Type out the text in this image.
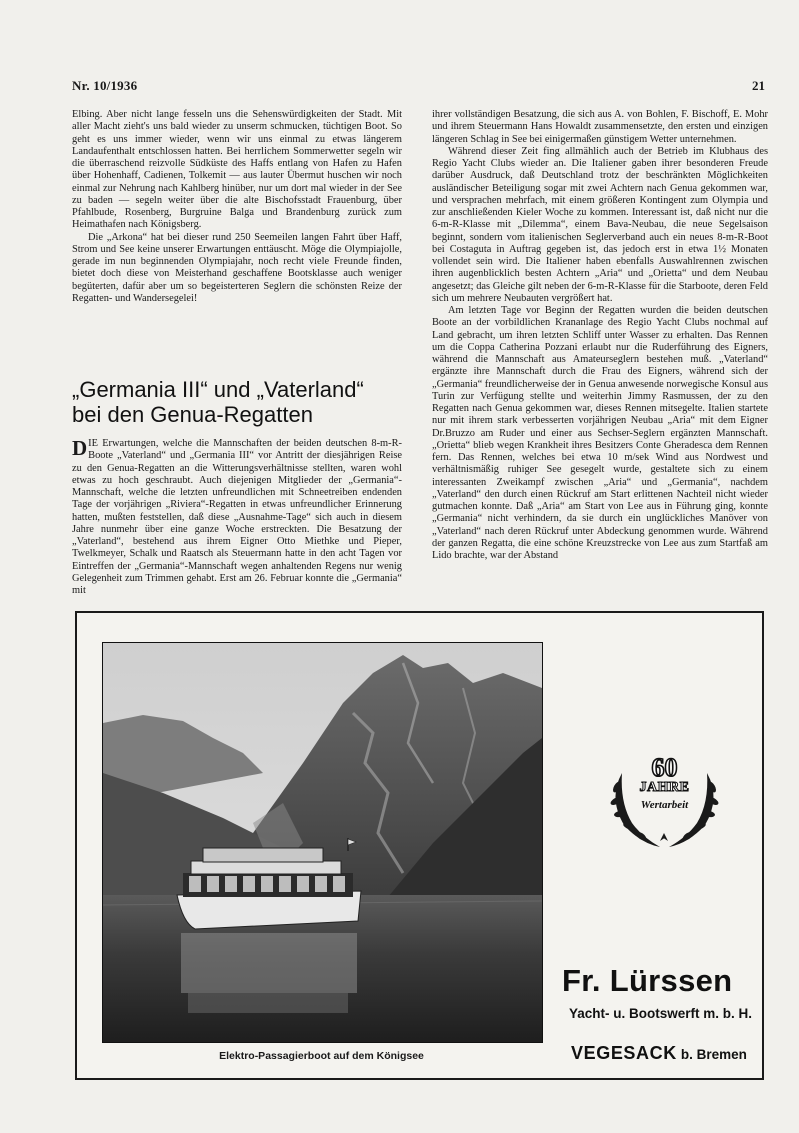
Nr. 10/1936	21

Elbing. Aber nicht lange fesseln uns die Sehenswürdigkeiten der Stadt. Mit aller Macht zieht's uns bald wieder zu unserm schmucken, tüchtigen Boot. So geht es uns immer wieder, wenn wir uns einmal zu etwas längerem Landaufenthalt entschlossen hatten. Bei herrlichem Sommerwetter segeln wir die überraschend reizvolle Südküste des Haffs entlang von Hafen zu Hafen über Hohenhaff, Cadienen, Tolkemit — aus lauter Übermut huschen wir noch einmal zur Nehrung nach Kahlberg hinüber, nur um dort mal wieder in der See zu baden — segeln weiter über die alte Bischofsstadt Frauenburg, über Pfahlbude, Rosenberg, Burgruine Balga und Brandenburg zurück zum Heimathafen nach Königsberg.

Die „Arkona“ hat bei dieser rund 250 Seemeilen langen Fahrt über Haff, Strom und See keine unserer Erwartungen enttäuscht. Möge die Olympiajolle, gerade im nun beginnenden Olympiajahr, noch recht viele Freunde finden, bietet doch diese von Meisterhand geschaffene Bootsklasse auch weniger begüterten, dafür aber um so begeisterteren Seglern die schönsten Reize der Regatten- und Wandersegelei!

„Germania III“ und „Vaterland“
bei den Genua-Regatten

DIE Erwartungen, welche die Mannschaften der beiden deutschen 8-m-R-Boote „Vaterland“ und „Germania III“ vor Antritt der diesjährigen Reise zu den Genua-Regatten an die Witterungsverhältnisse stellten, waren wohl etwas zu hoch geschraubt. Auch diejenigen Mitglieder der „Germania“-Mannschaft, welche die letzten unfreundlichen mit Schneetreiben endenden Tage der vorjährigen „Riviera“-Regatten in etwas unfreundlicher Erinnerung hatten, mußten feststellen, daß diese „Ausnahme-Tage“ sich auch in diesem Jahre nunmehr über eine ganze Woche erstreckten. Die Besatzung der „Vaterland“, bestehend aus ihrem Eigner Otto Miethke und Pieper, Twelkmeyer, Schalk und Raatsch als Steuermann hatte in den acht Tagen vor Eintreffen der „Germania“-Mannschaft wegen anhaltenden Regens nur wenig Gelegenheit zum Trimmen gehabt. Erst am 26. Februar konnte die „Germania“ mit

ihrer vollständigen Besatzung, die sich aus A. von Bohlen, F. Bischoff, E. Mohr und ihrem Steuermann Hans Howaldt zusammensetzte, den ersten und einzigen längeren Schlag in See bei einigermaßen günstigem Wetter unternehmen.

Während dieser Zeit fing allmählich auch der Betrieb im Klubhaus des Regio Yacht Clubs wieder an. Die Italiener gaben ihrer besonderen Freude darüber Ausdruck, daß Deutschland trotz der beschränkten Möglichkeiten ausländischer Beteiligung sogar mit zwei Achtern nach Genua gekommen war, und versprachen mehrfach, mit einem größeren Kontingent zum Olympia und zur anschließenden Kieler Woche zu kommen. Interessant ist, daß nicht nur die 6-m-R-Klasse mit „Dilemma“, einem Bava-Neubau, die neue Segelsaison beginnt, sondern vom italienischen Seglerverband auch ein neues 8-m-R-Boot bei Costaguta in Auftrag gegeben ist, das jedoch erst in etwa 1½ Monaten vollendet sein wird. Die Italiener haben ebenfalls Auswahlrennen zwischen ihren augenblicklich besten Achtern „Aria“ und „Orietta“ und dem Neubau angesetzt; das Gleiche gilt neben der 6-m-R-Klasse für die Starboote, deren Feld sich um mehrere Neubauten vergrößert hat.

Am letzten Tage vor Beginn der Regatten wurden die beiden deutschen Boote an der vorbildlichen Krananlage des Regio Yacht Clubs nochmal auf Land gebracht, um ihren letzten Schliff unter Wasser zu erhalten. Das Rennen um die Coppa Catherina Pozzani erlaubt nur die Ruderführung des Eigners, während die Mannschaft aus Amateurseglern bestehen muß. „Vaterland“ ergänzte ihre Mannschaft durch die Frau des Eigners, während sich der „Germania“ freundlicherweise der in Genua anwesende norwegische Konsul aus Turin zur Verfügung stellte und weiterhin Jimmy Rasmussen, der zu den Regatten nach Genua gekommen war, dieses Rennen mitsegelte. Italien startete nur mit ihrem stark verbesserten vorjährigen Neubau „Aria“ mit dem Eigner Dr.Bruzzo am Ruder und einer aus Sechser-Seglern ergänzten Mannschaft. „Orietta“ blieb wegen Krankheit ihres Besitzers Conte Gheradesca dem Rennen fern. Das Rennen, welches bei etwa 10 m/sek Wind aus Nordwest und verhältnismäßig ruhiger See gesegelt wurde, gestaltete sich zu einem interessanten Zweikampf zwischen „Aria“ und „Germania“, nachdem „Vaterland“ den durch einen Rückruf am Start erlittenen Nachteil nicht wieder gutmachen konnte. Daß „Aria“ am Start von Lee aus in Führung ging, konnte „Germania“ nicht verhindern, da sie durch ein unglückliches Manöver von „Vaterland“ nach deren Rückruf unter Abdeckung genommen wurde. Während der ganzen Regatta, die eine schöne Kreuzstrecke von Lee aus zum Startfaß am Lido brachte, war der Abstand

Elektro-Passagierboot auf dem Königsee
60
JAHRE
Wertarbeit
Fr. Lürssen
Yacht- u. Bootswerft m. b. H.
VEGESACK b. Bremen
